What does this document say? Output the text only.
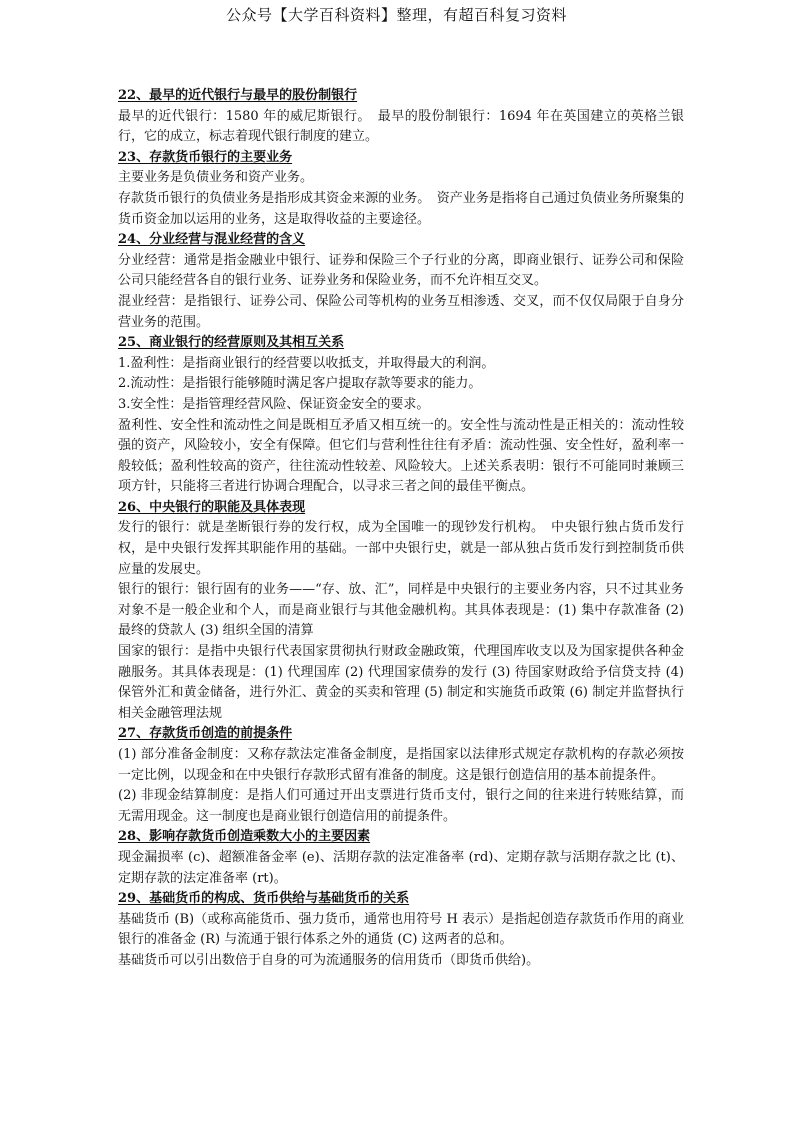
公众号【大学百科资料】整理，有超百科复习资料
22、最早的近代银行与最早的股份制银行

最早的近代银行：1580 年的威尼斯银行。　最早的股份制银行：1694 年在英国建立的英格兰银行，它的成立，标志着现代银行制度的建立。

23、存款货币银行的主要业务

主要业务是负债业务和资产业务。

存款货币银行的负债业务是指形成其资金来源的业务。　资产业务是指将自己通过负债业务所聚集的货币资金加以运用的业务，这是取得收益的主要途径。

24、分业经营与混业经营的含义

分业经营：通常是指金融业中银行、证券和保险三个子行业的分离，即商业银行、证券公司和保险公司只能经营各自的银行业务、证券业务和保险业务，而不允许相互交叉。

混业经营：是指银行、证券公司、保险公司等机构的业务互相渗透、交叉，而不仅仅局限于自身分营业务的范围。

25、商业银行的经营原则及其相互关系

1.盈利性：是指商业银行的经营要以收抵支，并取得最大的利润。

2.流动性：是指银行能够随时满足客户提取存款等要求的能力。

3.安全性：是指管理经营风险、保证资金安全的要求。

盈利性、安全性和流动性之间是既相互矛盾又相互统一的。安全性与流动性是正相关的：流动性较强的资产，风险较小，安全有保障。但它们与营利性往往有矛盾：流动性强、安全性好，盈利率一般较低；盈利性较高的资产，往往流动性较差、风险较大。上述关系表明：银行不可能同时兼顾三项方针，只能将三者进行协调合理配合，以寻求三者之间的最佳平衡点。

26、中央银行的职能及具体表现

发行的银行：就是垄断银行券的发行权，成为全国唯一的现钞发行机构。　中央银行独占货币发行权，是中央银行发挥其职能作用的基础。一部中央银行史，就是一部从独占货币发行到控制货币供应量的发展史。

银行的银行：银行固有的业务——“存、放、汇”，同样是中央银行的主要业务内容，只不过其业务对象不是一般企业和个人，而是商业银行与其他金融机构。其具体表现是：(1) 集中存款准备 (2) 最终的贷款人 (3) 组织全国的清算

国家的银行：是指中央银行代表国家贯彻执行财政金融政策，代理国库收支以及为国家提供各种金融服务。其具体表现是：(1) 代理国库 (2) 代理国家债券的发行 (3) 待国家财政给予信贷支持 (4) 保管外汇和黄金储备，进行外汇、黄金的买卖和管理 (5) 制定和实施货币政策 (6) 制定并监督执行相关金融管理法规

27、存款货币创造的前提条件

(1) 部分准备金制度：又称存款法定准备金制度，是指国家以法律形式规定存款机构的存款必须按一定比例，以现金和在中央银行存款形式留有准备的制度。这是银行创造信用的基本前提条件。

(2) 非现金结算制度：是指人们可通过开出支票进行货币支付，银行之间的往来进行转账结算，而无需用现金。这一制度也是商业银行创造信用的前提条件。

28、影响存款货币创造乘数大小的主要因素

现金漏损率 (c)、超额准备金率 (e)、活期存款的法定准备率 (rd)、定期存款与活期存款之比 (t)、定期存款的法定准备率 (rt)。

29、基础货币的构成、货币供给与基础货币的关系

基础货币 (B)（或称高能货币、强力货币，通常也用符号 H 表示）是指起创造存款货币作用的商业银行的准备金 (R) 与流通于银行体系之外的通货 (C) 这两者的总和。

基础货币可以引出数倍于自身的可为流通服务的信用货币（即货币供给)。
